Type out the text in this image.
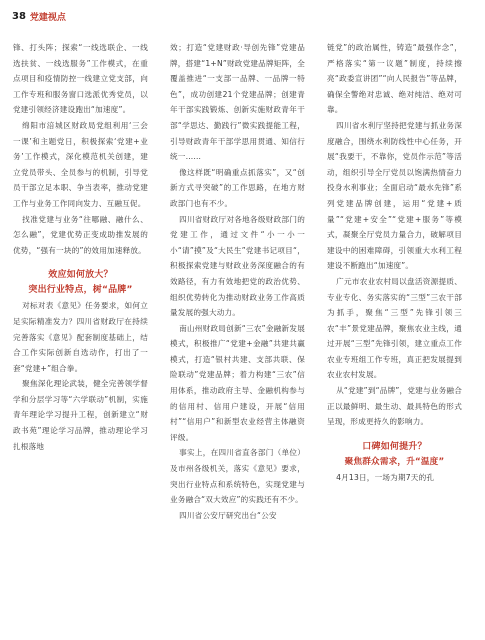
38 党建视点

锋、打头阵；探索“一线选联企、一线选扶贫、一线选服务”工作模式，在重点项目和疫情防控一线建立党支部，向工作专班和服务窗口选派优秀党员，以党建引领经济建设跑出“加速度”。

绵阳市涪城区财政局党组利用‘三会一课’和主题党日，积极探索‘党建+业务’工作模式，深化模范机关创建，建立党员带头、全员参与的机制，引导党员干部立足本职、争当表率，推动党建工作与业务工作同向发力、互融互促。

找准党建与业务“往哪融、融什么、怎么融”，党建优势正变成助推发展的优势，“强有一块的”的效用加速释放。

效应如何放大？
突出行业特点，树“品牌”

对标对表《意见》任务要求，如何立足实际精准发力？四川省财政厅在持续完善落实《意见》配套制度基础上，结合工作实际创新自选动作，打出了一套“党建+”组合拳。

聚焦深化理论武装，健全完善领学督学和分层学习等“六学联动”机制，实施青年理论学习提升工程，创新建立“财政书苑”理论学习品牌，推动理论学习扎根落地

效；打造“党建财政·导创先锋”党建品牌，搭建“1+N”财政党建品牌矩阵，全覆盖推进“一支部一品牌、一品牌一特色”，成功创建21个党建品牌；创建青年干部实践锻炼、创新实施财政青年干部“学思达、勤践行”微实践提能工程，引导财政青年干部学思用贯通、知信行统一……

像这样既“明确重点抓落实”，又“创新方式寻突破”的工作思路，在地方财政部门也有不少。

四川省财政厅对各地各级财政部门的党建工作，通过文件“小一小一小“请”摸”及“大民生”党建书记项目“，积极探索党建与财政业务深度融合的有效路径，有力有效地把党的政治优势、组织优势转化为推动财政业务工作高质量发展的强大动力。

南山州财政局创新“三农”金融新发展模式，积极推广“党建+金融”共建共赢模式，打造“银村共建、支部共联、保险联动”党建品牌；着力构建“三农”信用体系，推动政府主导、金融机构参与的信用村、信用户建设，开展“信用村”“信用户”和新型农业经营主体融资评级。

事实上，在四川省直各部门（单位）及市州各级机关，落实《意见》要求，突出行业特点和系统特色，实现党建与业务融合“双大效应”的实践还有不少。

四川省公安厅研究出台“公安

链党”的政治属性，铸造“最强作念”，严格落实“第一议题”制度，持续擦亮“政委宣讲团”“向人民报告”等品牌，确保全警绝对忠诚、绝对纯洁、绝对可靠。

四川省水利厅坚持把党建与抓业务深度融合，围绕水利防线性中心任务，开展“我要干，不靠你，党员作示范”等活动，组织引导全厅党员以饱满热情奋力投身水利事业；全面启动“最水先锋”系列党建品牌创建，运用“党建+质量”“党建+安全”“党建+服务”等模式，凝聚全厅党员力量合力，破解项目建设中的困难障碍，引领重大水利工程建设不断跑出“加速度”。

广元市农业农村局以盘活资源提质、专业专化、务实落实的“三型”三农干部为抓手，聚焦“三型”先锋引领三农“丰”景党建品牌，聚焦农业主线，通过开展“三型”先锋引领，建立重点工作农业专班组工作专班，真正把发展提到农业农村发展。

从“党建”到“品牌”，党建与业务融合正以最鲜明、最生动、最具特色的形式呈现，形成更持久的影响力。

口碑如何提升？
聚焦群众需求，升“温度”

4月13日，一场为期7天的孔
